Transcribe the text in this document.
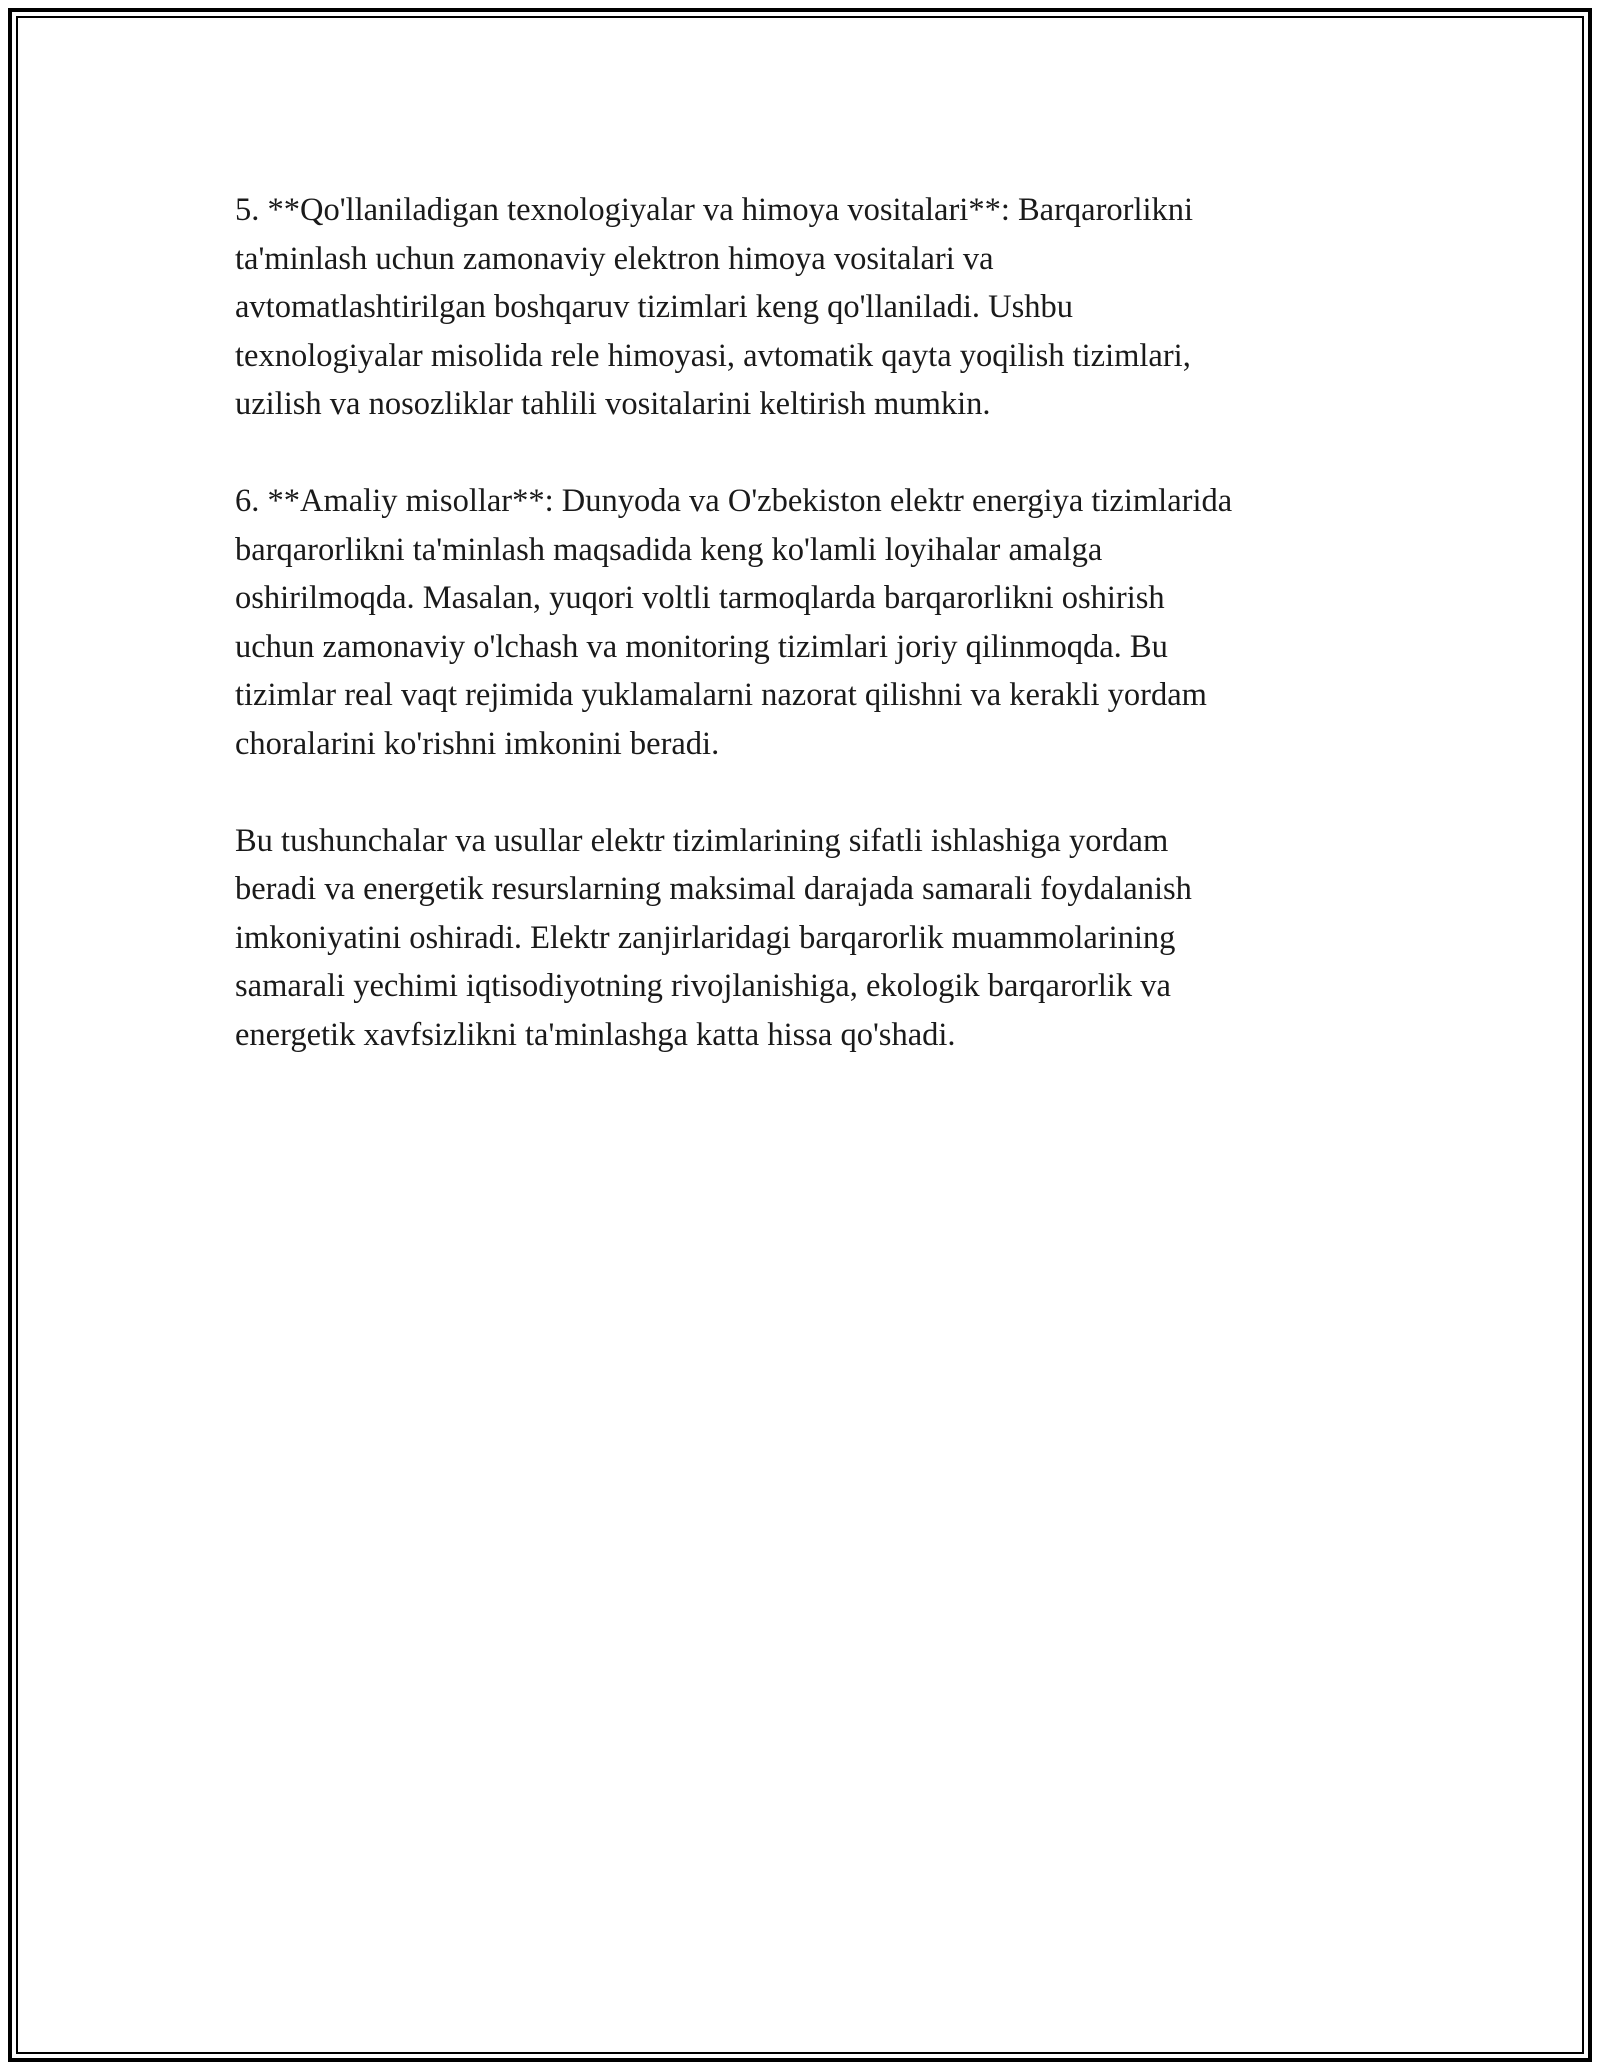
5. **Qo'llaniladigan texnologiyalar va himoya vositalari**: Barqarorlikni
ta'minlash uchun zamonaviy elektron himoya vositalari va
avtomatlashtirilgan boshqaruv tizimlari keng qo'llaniladi. Ushbu
texnologiyalar misolida rele himoyasi, avtomatik qayta yoqilish tizimlari,
uzilish va nosozliklar tahlili vositalarini keltirish mumkin.

6. **Amaliy misollar**: Dunyoda va O'zbekiston elektr energiya tizimlarida
barqarorlikni ta'minlash maqsadida keng ko'lamli loyihalar amalga
oshirilmoqda. Masalan, yuqori voltli tarmoqlarda barqarorlikni oshirish
uchun zamonaviy o'lchash va monitoring tizimlari joriy qilinmoqda. Bu
tizimlar real vaqt rejimida yuklamalarni nazorat qilishni va kerakli yordam
choralarini ko'rishni imkonini beradi.

Bu tushunchalar va usullar elektr tizimlarining sifatli ishlashiga yordam
beradi va energetik resurslarning maksimal darajada samarali foydalanish
imkoniyatini oshiradi. Elektr zanjirlaridagi barqarorlik muammolarining
samarali yechimi iqtisodiyotning rivojlanishiga, ekologik barqarorlik va
energetik xavfsizlikni ta'minlashga katta hissa qo'shadi.
